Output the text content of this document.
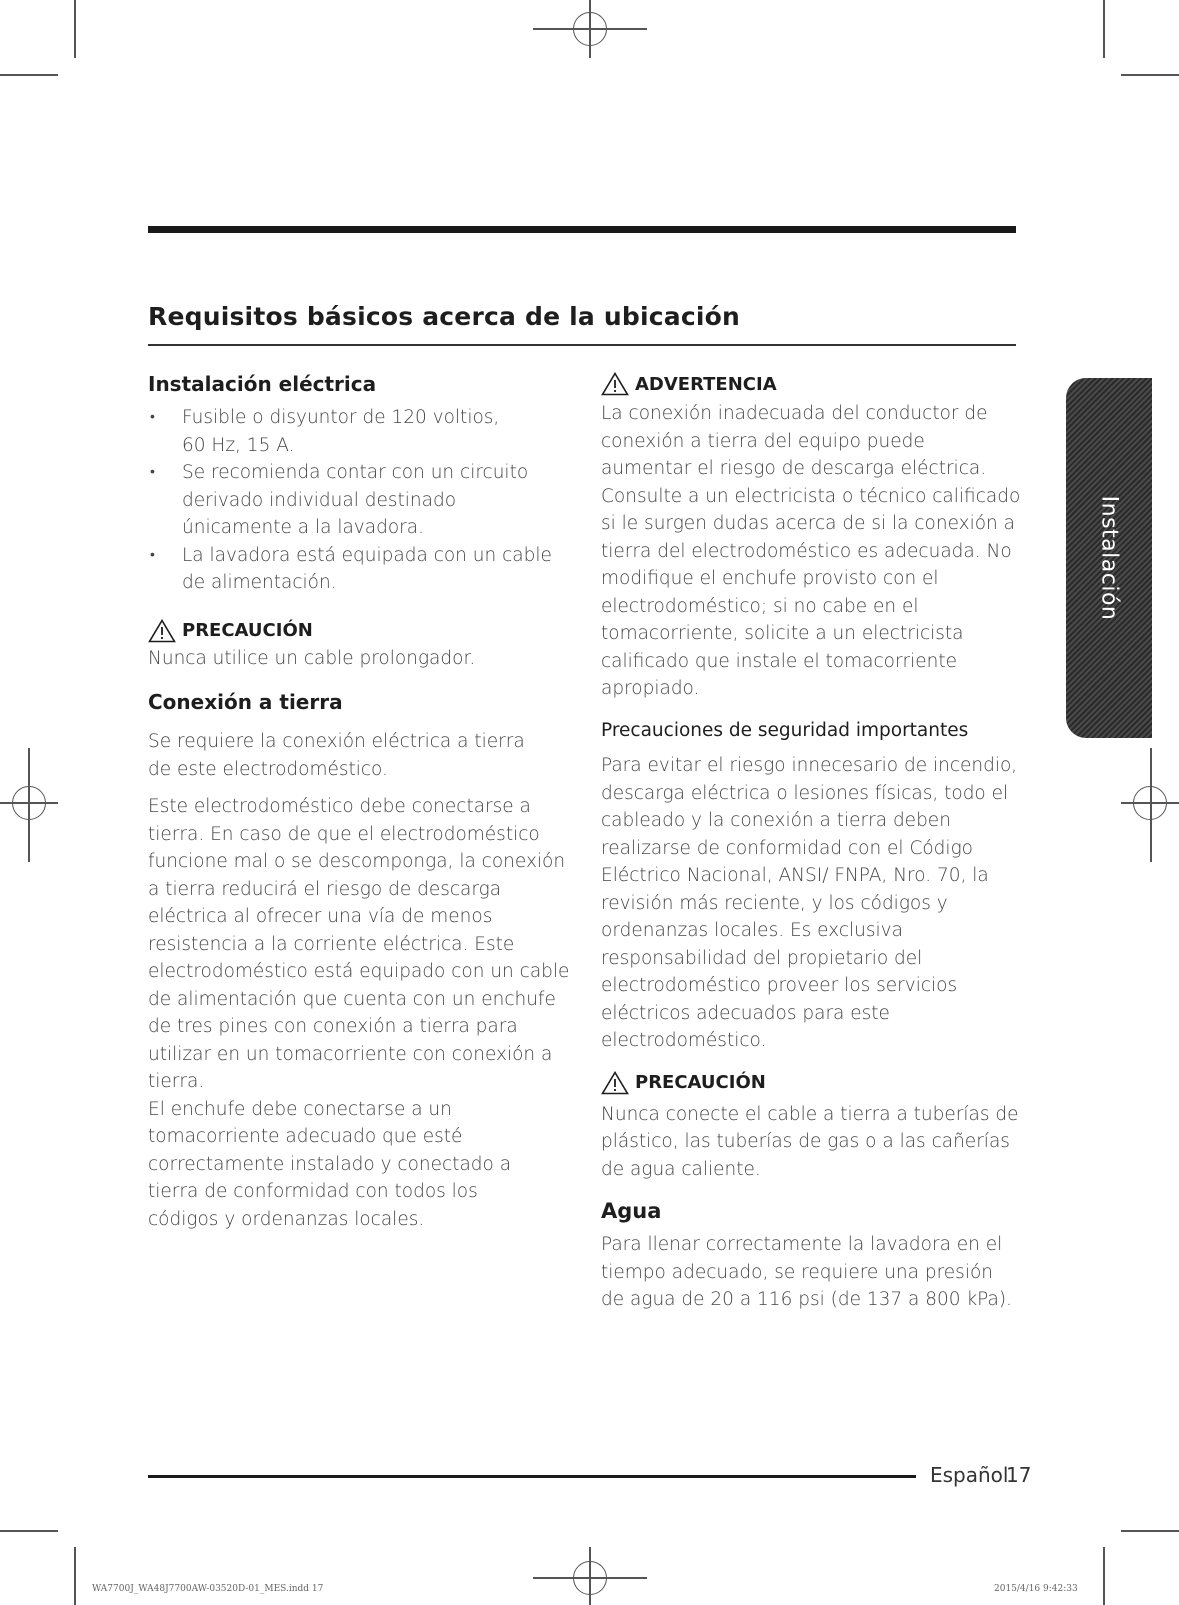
Requisitos básicos acerca de la ubicación
Instalación
Instalación eléctrica
• Fusible o disyuntor de 120 voltios, 60 Hz, 15 A.
• Se recomienda contar con un circuito derivado individual destinado únicamente a la lavadora.
• La lavadora está equipada con un cable de alimentación.
PRECAUCIÓN

Nunca utilice un cable prolongador.

Conexión a tierra

Se requiere la conexión eléctrica a tierra de este electrodoméstico.

Este electrodoméstico debe conectarse a tierra. En caso de que el electrodoméstico funcione mal o se descomponga, la conexión a tierra reducirá el riesgo de descarga eléctrica al ofrecer una vía de menos resistencia a la corriente eléctrica. Este electrodoméstico está equipado con un cable de alimentación que cuenta con un enchufe de tres pines con conexión a tierra para utilizar en un tomacorriente con conexión a tierra.

El enchufe debe conectarse a un tomacorriente adecuado que esté correctamente instalado y conectado a tierra de conformidad con todos los códigos y ordenanzas locales.

ADVERTENCIA

La conexión inadecuada del conductor de conexión a tierra del equipo puede aumentar el riesgo de descarga eléctrica. Consulte a un electricista o técnico calificado si le surgen dudas acerca de si la conexión a tierra del electrodoméstico es adecuada. No modifique el enchufe provisto con el electrodoméstico; si no cabe en el tomacorriente, solicite a un electricista calificado que instale el tomacorriente apropiado.

Precauciones de seguridad importantes

Para evitar el riesgo innecesario de incendio, descarga eléctrica o lesiones físicas, todo el cableado y la conexión a tierra deben realizarse de conformidad con el Código Eléctrico Nacional, ANSI/ FNPA, Nro. 70, la revisión más reciente, y los códigos y ordenanzas locales. Es exclusiva responsabilidad del propietario del electrodoméstico proveer los servicios eléctricos adecuados para este electrodoméstico.

PRECAUCIÓN

Nunca conecte el cable a tierra a tuberías de plástico, las tuberías de gas o a las cañerías de agua caliente.

Agua

Para llenar correctamente la lavadora en el tiempo adecuado, se requiere una presión de agua de 20 a 116 psi (de 137 a 800 kPa).

Español
17
WA7700J_WA48J7700AW-03520D-01_MES.indd 17	2015/4/16 9:42:33
